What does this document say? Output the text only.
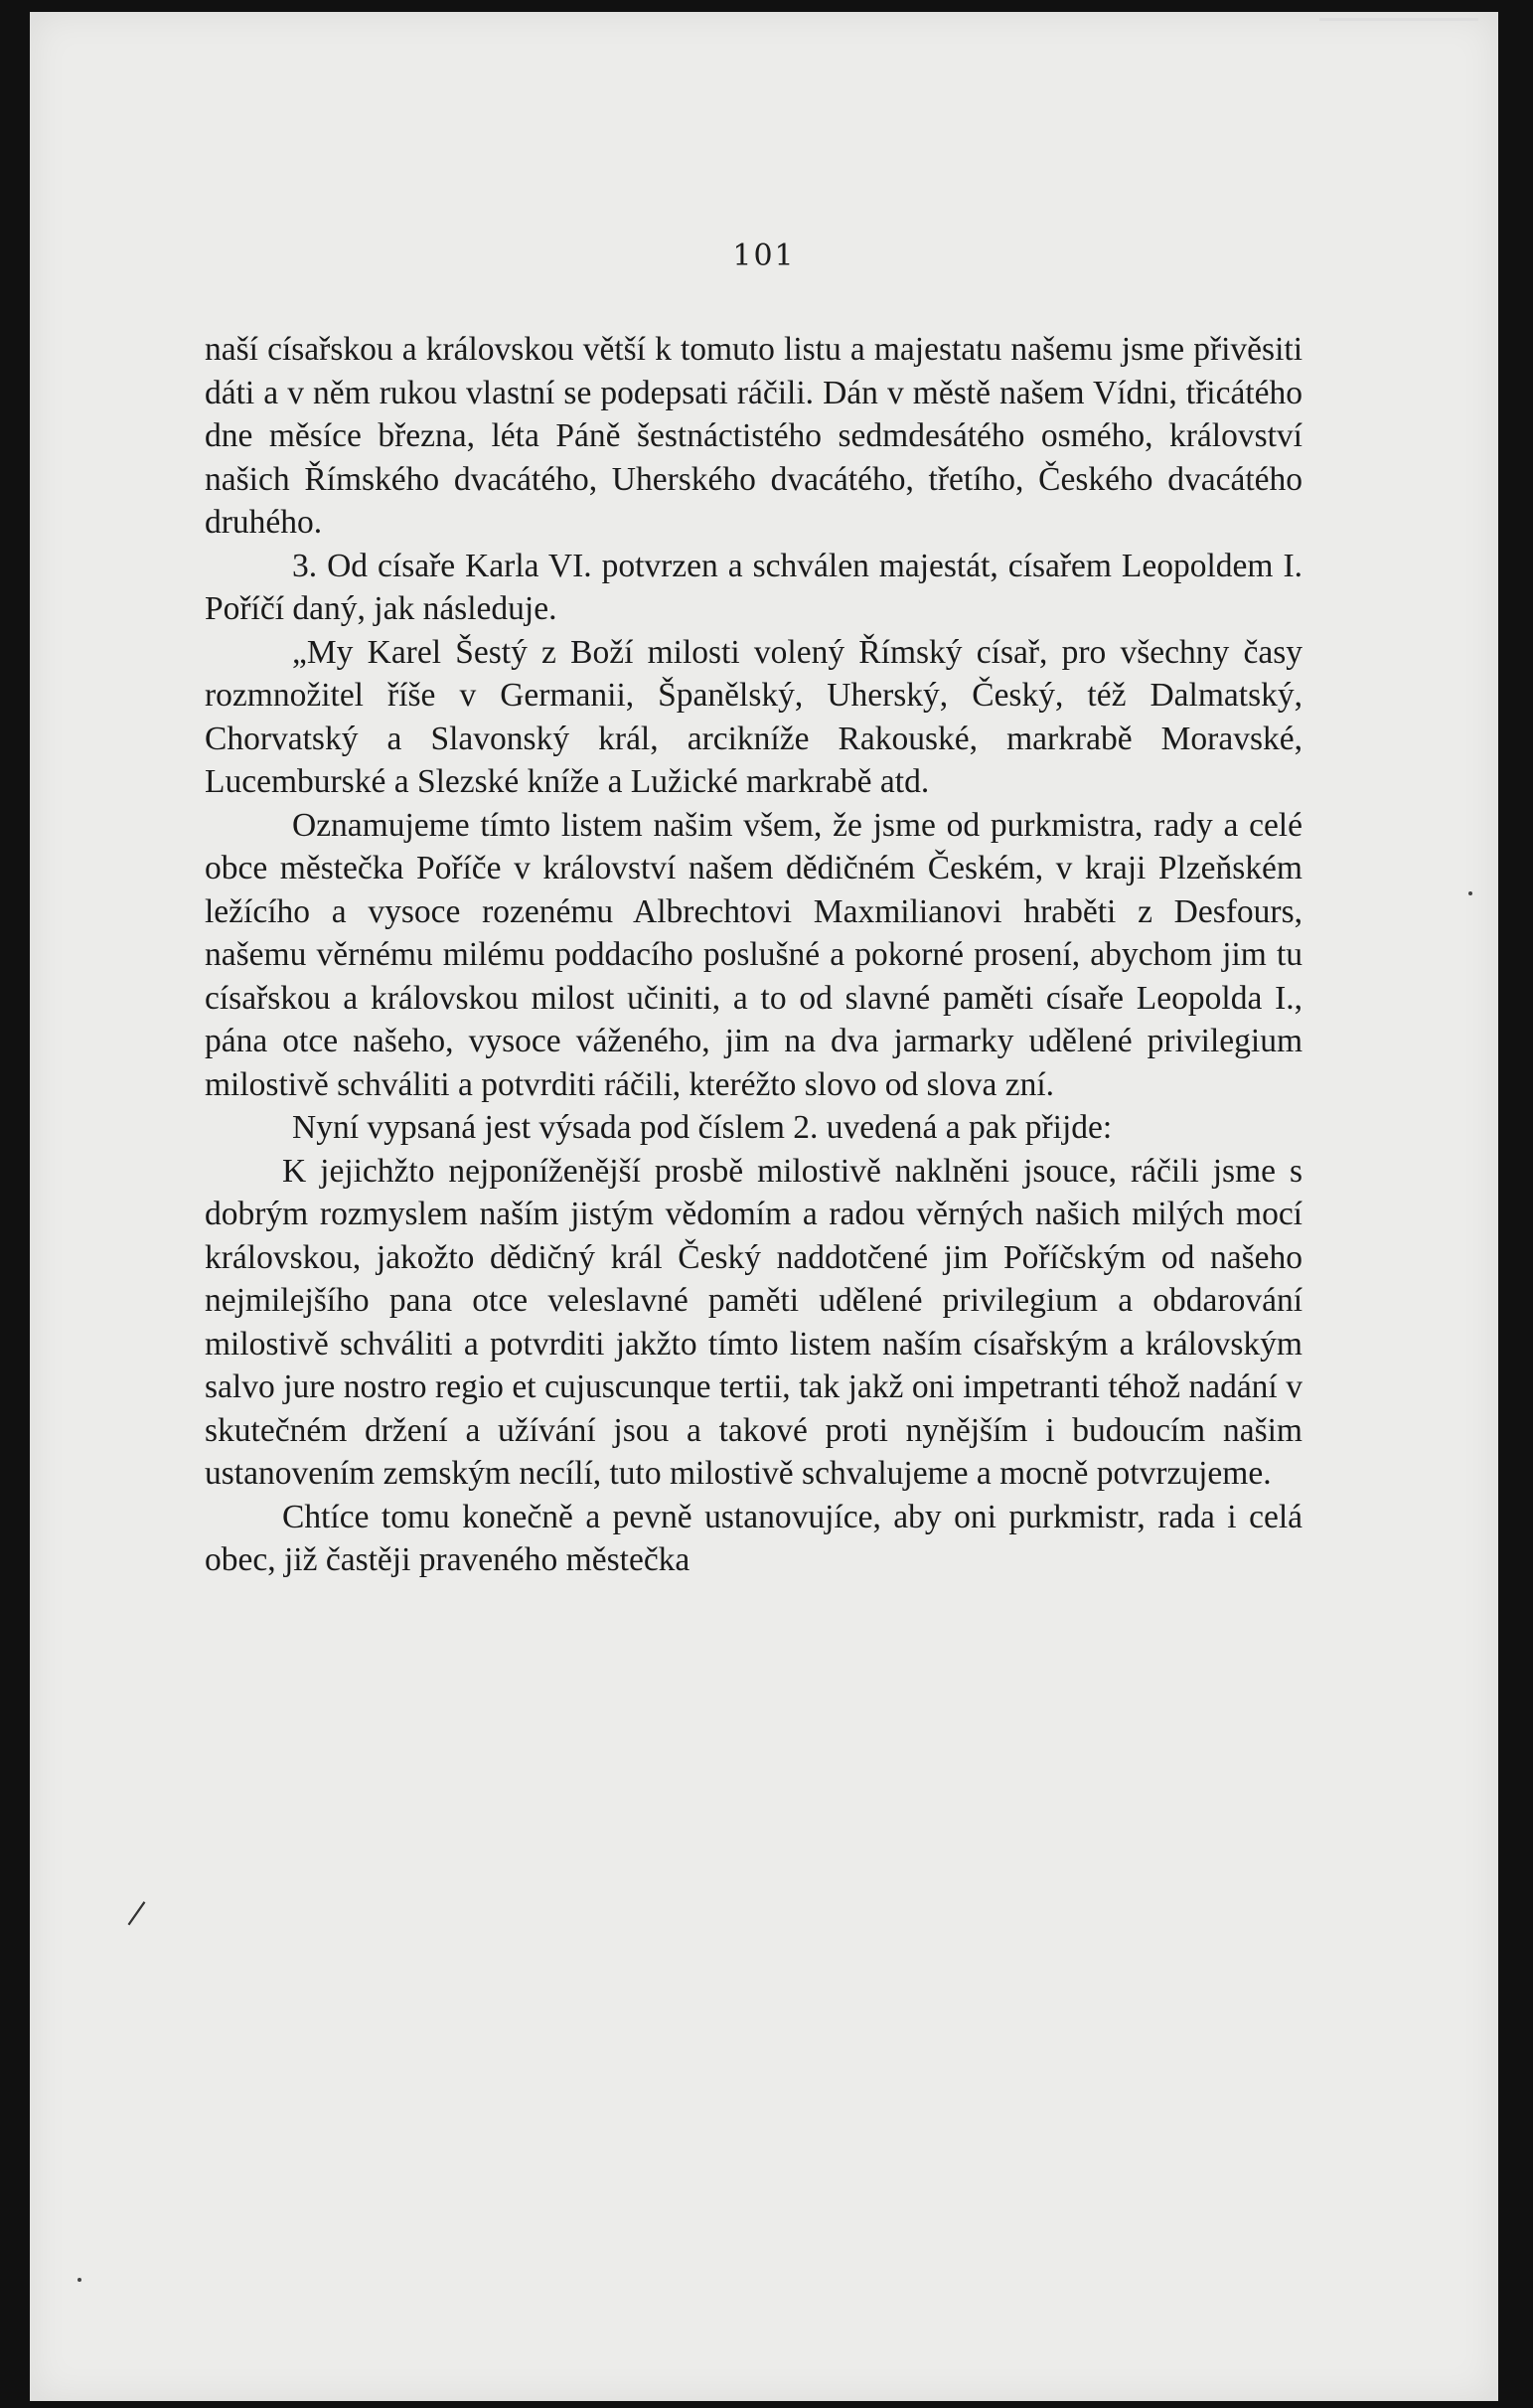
101

naší císařskou a královskou větší k tomuto listu a majestatu našemu jsme přivěsiti dáti a v něm rukou vlastní se podepsati ráčili. Dán v městě našem Vídni, třicátého dne měsíce března, léta Páně šestnáctistého sedmdesátého osmého, království našich Římského dvacátého, Uherského dvacátého, třetího, Českého dvacátého druhého.

3. Od císaře Karla VI. potvrzen a schválen majestát, císařem Leopoldem I. Poříčí daný, jak následuje.

„My Karel Šestý z Boží milosti volený Římský císař, pro všechny časy rozmnožitel říše v Germanii, Španělský, Uherský, Český, též Dalmatský, Chorvatský a Slavonský král, arcikníže Rakouské, markrabě Moravské, Lucemburské a Slezské kníže a Lužické markrabě atd.

Oznamujeme tímto listem našim všem, že jsme od purkmistra, rady a celé obce městečka Poříče v království našem dědičném Českém, v kraji Plzeňském ležícího a vysoce rozenému Albrechtovi Maxmilianovi hraběti z Desfours, našemu věrnému milému poddacího poslušné a pokorné prosení, abychom jim tu císařskou a královskou milost učiniti, a to od slavné paměti císaře Leopolda I., pána otce našeho, vysoce váženého, jim na dva jarmarky udělené privilegium milostivě schváliti a potvrditi ráčili, kteréžto slovo od slova zní.

Nyní vypsaná jest výsada pod číslem 2. uvedená a pak přijde:

K jejichžto nejponíženější prosbě milostivě naklněni jsouce, ráčili jsme s dobrým rozmyslem naším jistým vědomím a radou věrných našich milých mocí královskou, jakožto dědičný král Český naddotčené jim Poříčským od našeho nejmilejšího pana otce veleslavné paměti udělené privilegium a obdarování milostivě schváliti a potvrditi jakžto tímto listem naším císařským a královským salvo jure nostro regio et cujuscunque tertii, tak jakž oni impetranti téhož nadání v skutečném držení a užívání jsou a takové proti nynějším i budoucím našim ustanovením zemským necílí, tuto milostivě schvalujeme a mocně potvrzujeme.

Chtíce tomu konečně a pevně ustanovujíce, aby oni purkmistr, rada i celá obec, již častěji praveného městečka

|
